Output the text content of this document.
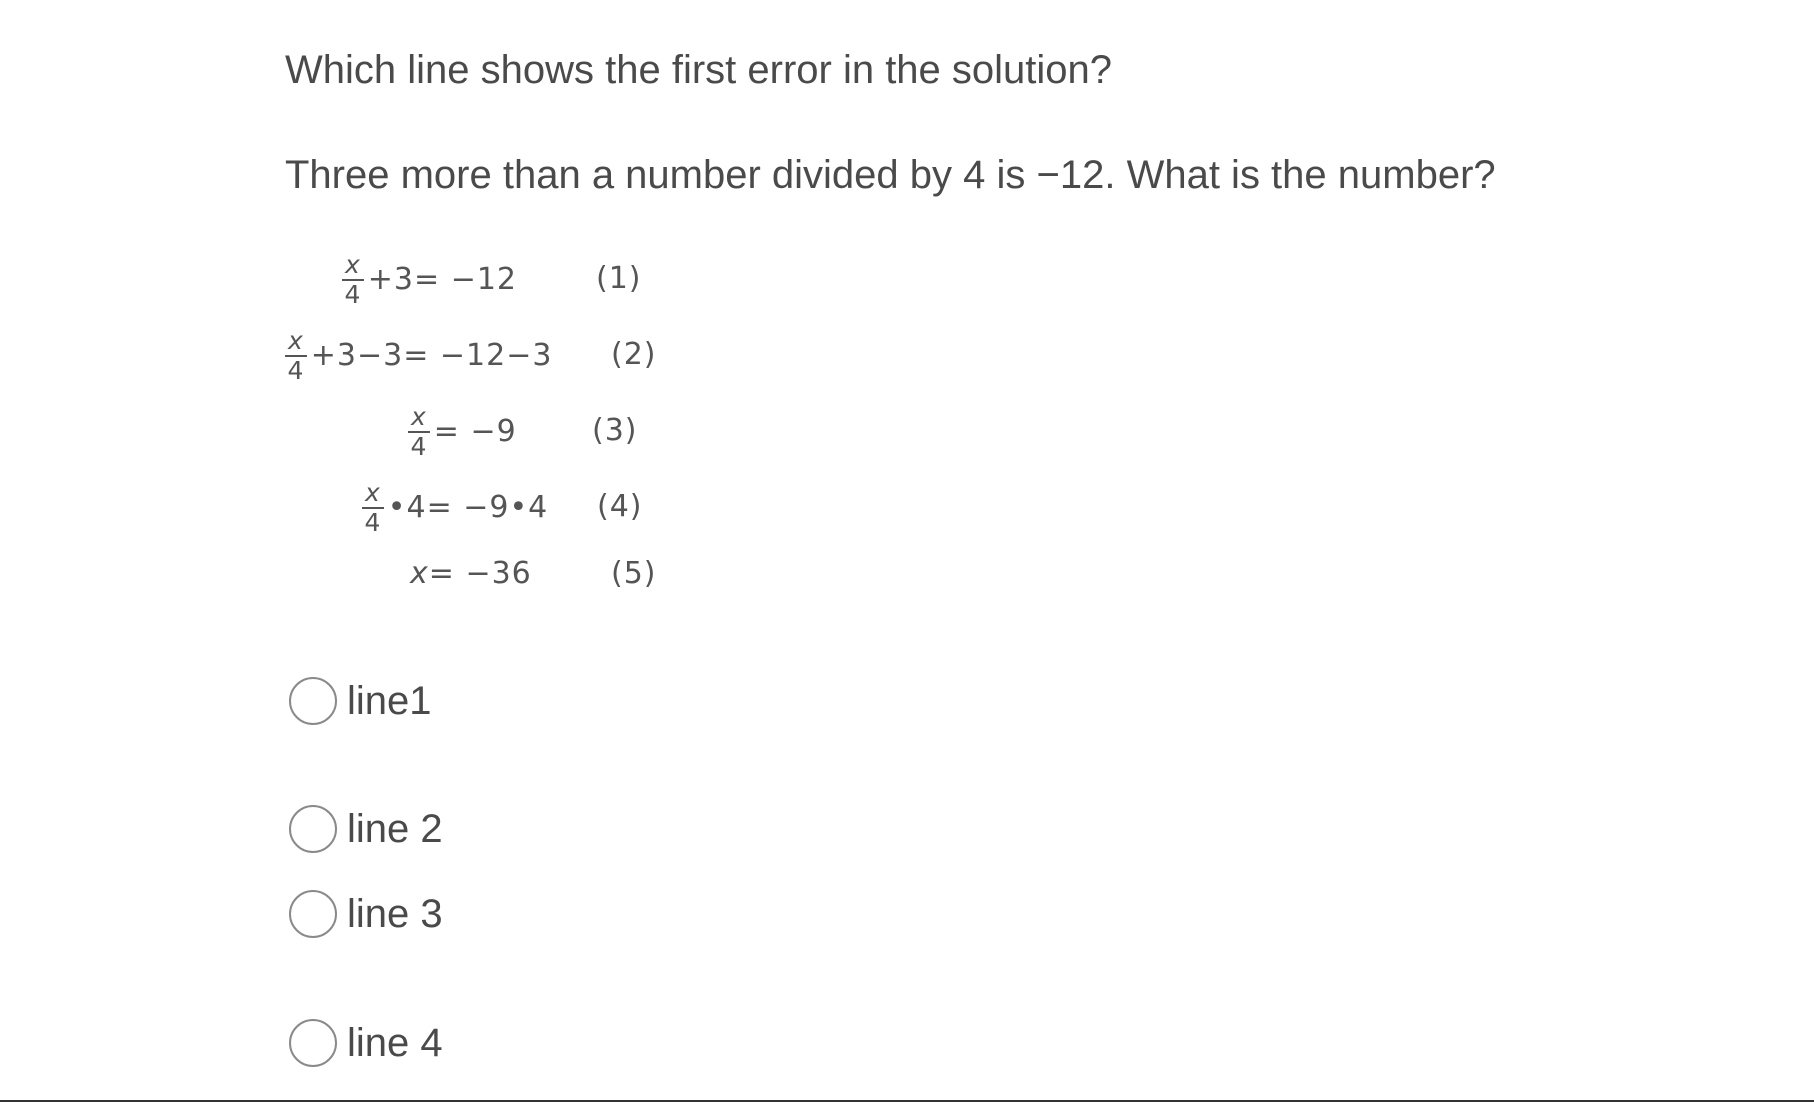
Which line shows the first error in the solution?

Three more than a number divided by 4 is −12. What is the number?

$\frac{x}{4} +3= -12$	(1)
$\frac{x}{4} +3-3= -12-3$ (2)
$\frac{x}{4} = -9$	(3)
$\frac{x}{4}$ •4= −9•4 (4)
x = −36	(5)
line1
line 2
line 3
line 4
